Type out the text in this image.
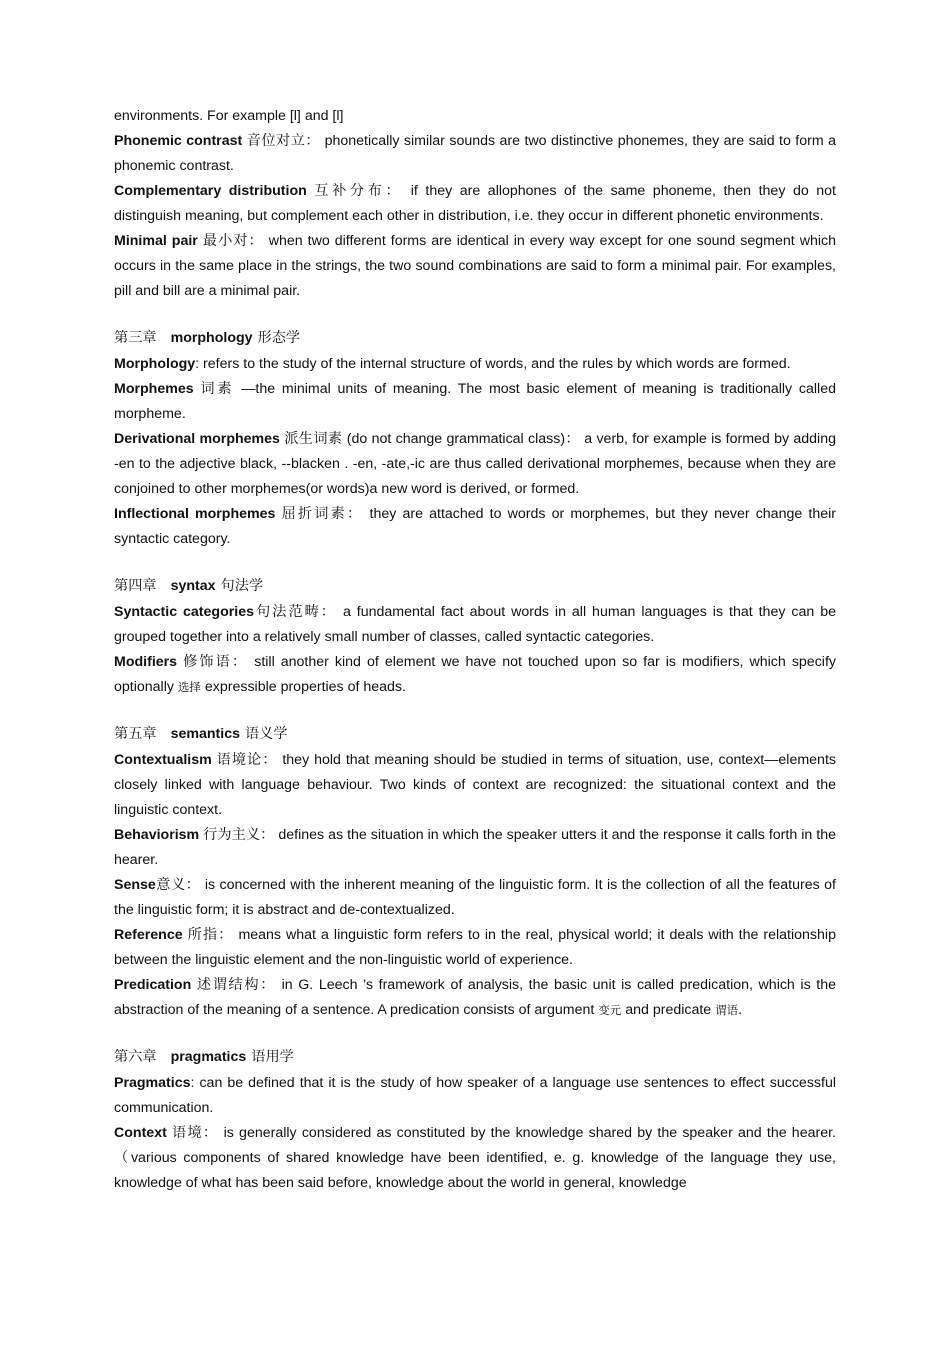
environments. For example [l] and [l]

Phonemic contrast 音位对立： phonetically similar sounds are two distinctive phonemes, they are said to form a phonemic contrast.

Complementary distribution 互补分布： if they are allophones of the same phoneme, then they do not distinguish meaning, but complement each other in distribution, i.e. they occur in different phonetic environments.

Minimal pair 最小对： when two different forms are identical in every way except for one sound segment which occurs in the same place in the strings, the two sound combinations are said to form a minimal pair. For examples, pill and bill are a minimal pair.

第三章 morphology 形态学

Morphology: refers to the study of the internal structure of words, and the rules by which words are formed.

Morphemes 词素 —the minimal units of meaning. The most basic element of meaning is traditionally called morpheme.

Derivational morphemes 派生词素 (do not change grammatical class)： a verb, for example is formed by adding -en to the adjective black, --blacken . -en, -ate,-ic are thus called derivational morphemes, because when they are conjoined to other morphemes(or words)a new word is derived, or formed.

Inflectional morphemes 屈折词素： they are attached to words or morphemes, but they never change their syntactic category.

第四章 syntax 句法学

Syntactic categories句法范畴： a fundamental fact about words in all human languages is that they can be grouped together into a relatively small number of classes, called syntactic categories.

Modifiers 修饰语： still another kind of element we have not touched upon so far is modifiers, which specify optionally 选择 expressible properties of heads.

第五章 semantics 语义学

Contextualism 语境论： they hold that meaning should be studied in terms of situation, use, context—elements closely linked with language behaviour. Two kinds of context are recognized: the situational context and the linguistic context.

Behaviorism 行为主义： defines as the situation in which the speaker utters it and the response it calls forth in the hearer.

Sense意义： is concerned with the inherent meaning of the linguistic form. It is the collection of all the features of the linguistic form; it is abstract and de-contextualized.

Reference 所指： means what a linguistic form refers to in the real, physical world; it deals with the relationship between the linguistic element and the non-linguistic world of experience.

Predication 述谓结构： in G. Leech ’s framework of analysis, the basic unit is called predication, which is the abstraction of the meaning of a sentence. A predication consists of argument 变元 and predicate 谓语.

第六章 pragmatics 语用学

Pragmatics: can be defined that it is the study of how speaker of a language use sentences to effect successful communication.

Context 语境： is generally considered as constituted by the knowledge shared by the speaker and the hearer.（various components of shared knowledge have been identified, e. g. knowledge of the language they use, knowledge of what has been said before, knowledge about the world in general, knowledge
